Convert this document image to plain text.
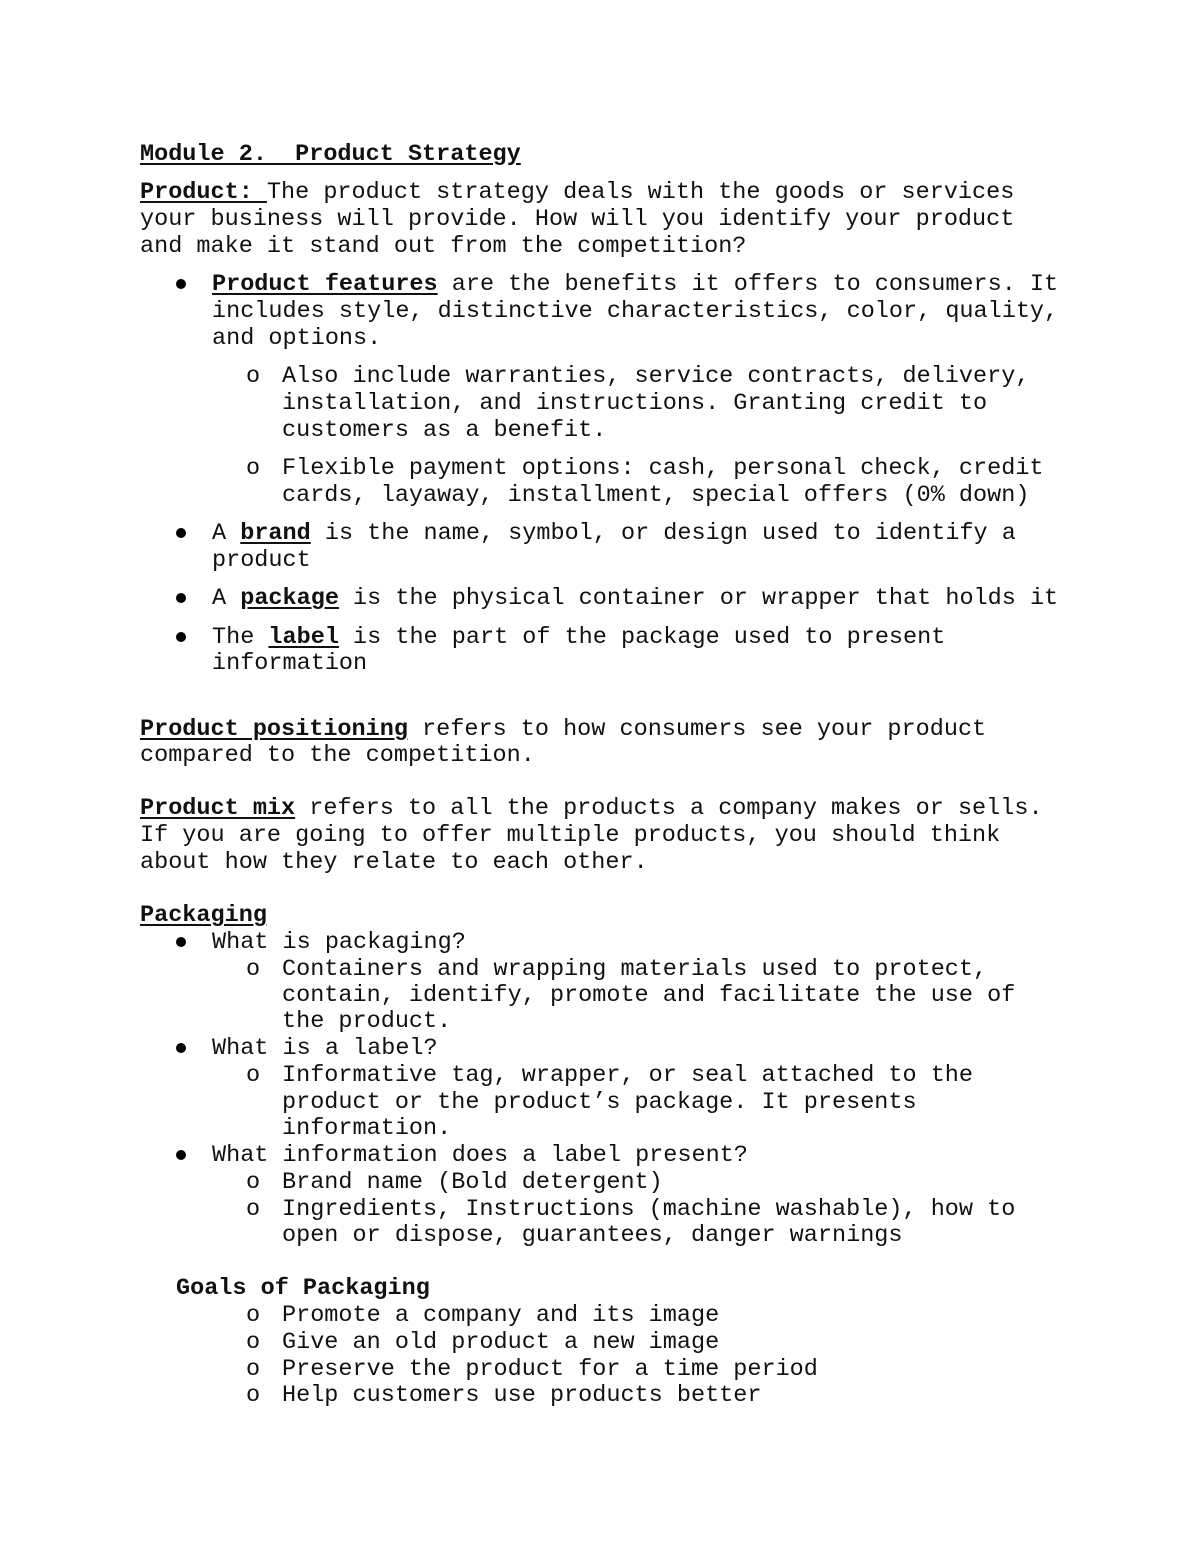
Module 2.  Product Strategy
Product: The product strategy deals with the goods or services
your business will provide. How will you identify your product
and make it stand out from the competition?
Product features are the benefits it offers to consumers. It
includes style, distinctive characteristics, color, quality,
and options.
o Also include warranties, service contracts, delivery,
installation, and instructions. Granting credit to
customers as a benefit.
o Flexible payment options: cash, personal check, credit
cards, layaway, installment, special offers (0% down)
A brand is the name, symbol, or design used to identify a
product
A package is the physical container or wrapper that holds it
The label is the part of the package used to present
information
Product positioning refers to how consumers see your product
compared to the competition.
Product mix refers to all the products a company makes or sells.
If you are going to offer multiple products, you should think
about how they relate to each other.
Packaging
What is packaging?
o Containers and wrapping materials used to protect,
contain, identify, promote and facilitate the use of
the product.
What is a label?
o Informative tag, wrapper, or seal attached to the
product or the product’s package. It presents
information.
What information does a label present?
o Brand name (Bold detergent)
o Ingredients, Instructions (machine washable), how to
open or dispose, guarantees, danger warnings
Goals of Packaging
o Promote a company and its image
o Give an old product a new image
o Preserve the product for a time period
o Help customers use products better
